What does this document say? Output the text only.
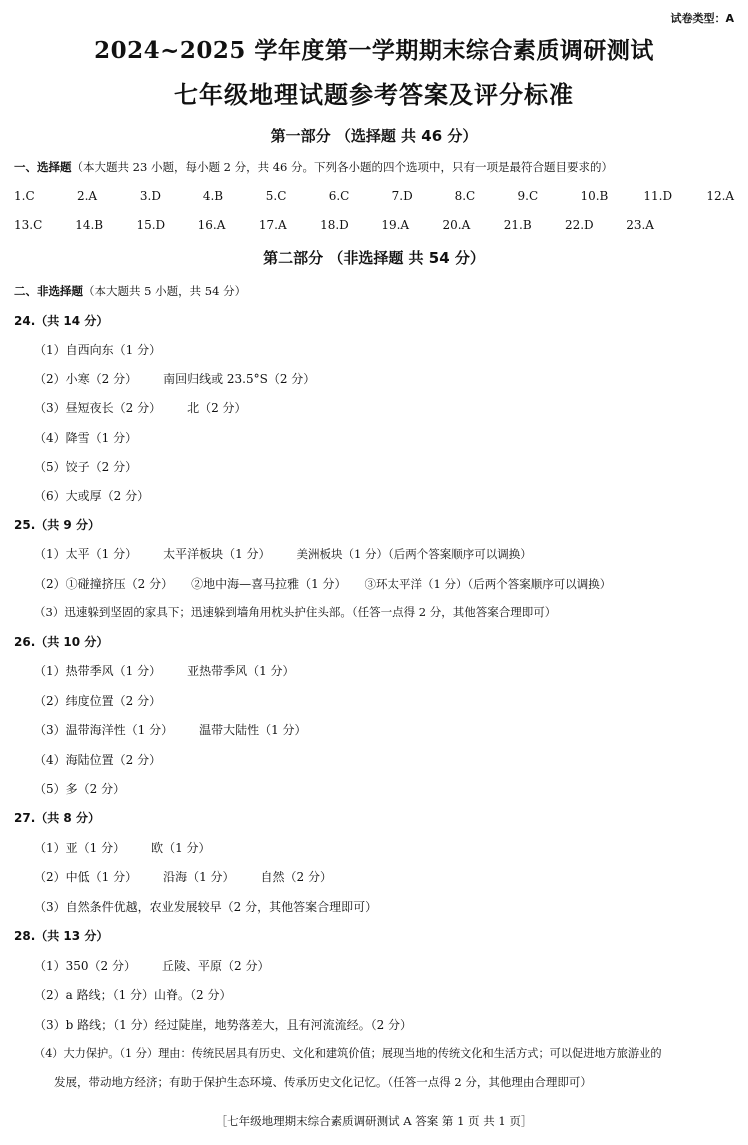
试卷类型：A
2024~2025 学年度第一学期期末综合素质调研测试
七年级地理试题参考答案及评分标准
第一部分 （选择题 共 46 分）
一、选择题（本大题共 23 小题，每小题 2 分，共 46 分。下列各小题的四个选项中，只有一项是最符合题目要求的）
1.C	2.A	3.D	4.B	5.C	6.C	7.D	8.C	9.C	10.B	11.D	12.A
13.C	14.B	15.D	16.A	17.A	18.D	19.A	20.A	21.B	22.D	23.A
第二部分 （非选择题 共 54 分）
二、非选择题（本大题共 5 小题，共 54 分）
24.（共 14 分）
（1）自西向东（1 分）
（2）小寒（2 分） 南回归线或 23.5°S（2 分）
（3）昼短夜长（2 分） 北（2 分）
（4）降雪（1 分）
（5）饺子（2 分）
（6）大或厚（2 分）
25.（共 9 分）
（1）太平（1 分） 太平洋板块（1 分） 美洲板块（1 分）（后两个答案顺序可以调换）
（2）①碰撞挤压（2 分） ②地中海—喜马拉雅（1 分） ③环太平洋（1 分）（后两个答案顺序可以调换）
（3）迅速躲到坚固的家具下；迅速躲到墙角用枕头护住头部。（任答一点得 2 分，其他答案合理即可）
26.（共 10 分）
（1）热带季风（1 分） 亚热带季风（1 分）
（2）纬度位置（2 分）
（3）温带海洋性（1 分） 温带大陆性（1 分）
（4）海陆位置（2 分）
（5）多（2 分）
27.（共 8 分）
（1）亚（1 分） 欧（1 分）
（2）中低（1 分） 沿海（1 分） 自然（2 分）
（3）自然条件优越，农业发展较早（2 分，其他答案合理即可）
28.（共 13 分）
（1）350（2 分） 丘陵、平原（2 分）
（2）a 路线；（1 分）山脊。（2 分）
（3）b 路线；（1 分）经过陡崖，地势落差大，且有河流流经。（2 分）
（4）大力保护。（1 分）理由：传统民居具有历史、文化和建筑价值；展现当地的传统文化和生活方式；可以促进地方旅游业的
发展，带动地方经济；有助于保护生态环境、传承历史文化记忆。（任答一点得 2 分，其他理由合理即可）
［七年级地理期末综合素质调研测试 A 答案 第 1 页 共 1 页］
